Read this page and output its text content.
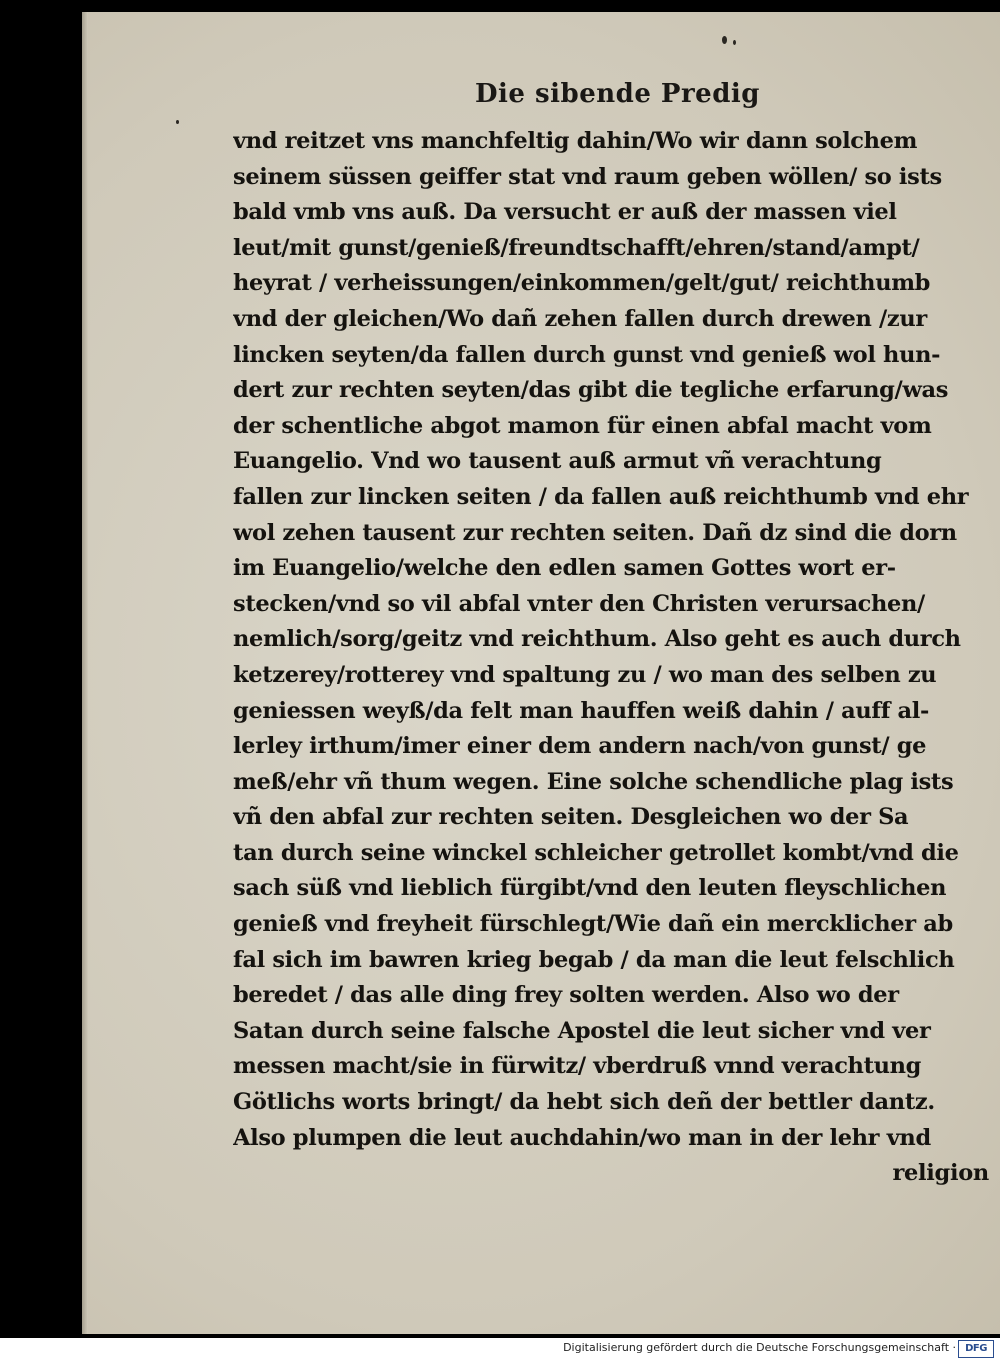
Die sibende Predig
vnd reitzet vns manchfeltig dahin/Wo wir dann solchem
seinem süssen geiffer stat vnd raum geben wöllen/ so ists
bald vmb vns auß. Da versucht er auß der massen viel
leut/mit gunst/genieß/freundtschafft/ehren/stand/ampt/
heyrat / verheissungen/einkommen/gelt/gut/ reichthumb
vnd der gleichen/Wo dañ zehen fallen durch drewen /zur
lincken seyten/da fallen durch gunst vnd genieß wol hun-
dert zur rechten seyten/das gibt die tegliche erfarung/was
der schentliche abgot mamon für einen abfal macht vom
Euangelio. Vnd wo tausent auß armut vñ verachtung
fallen zur lincken seiten / da fallen auß reichthumb vnd ehr
wol zehen tausent zur rechten seiten. Dañ dz sind die dorn
im Euangelio/welche den edlen samen Gottes wort er-
stecken/vnd so vil abfal vnter den Christen verursachen/
nemlich/sorg/geitz vnd reichthum. Also geht es auch durch
ketzerey/rotterey vnd spaltung zu / wo man des selben zu
geniessen weyß/da felt man hauffen weiß dahin / auff al-
lerley irthum/imer einer dem andern nach/von gunst/ ge
meß/ehr vñ thum wegen. Eine solche schendliche plag ists
vñ den abfal zur rechten seiten. Desgleichen wo der Sa
tan durch seine winckel schleicher getrollet kombt/vnd die
sach süß vnd lieblich fürgibt/vnd den leuten fleyschlichen
genieß vnd freyheit fürschlegt/Wie dañ ein mercklicher ab
fal sich im bawren krieg begab / da man die leut felschlich
beredet / das alle ding frey solten werden. Also wo der
Satan durch seine falsche Apostel die leut sicher vnd ver
messen macht/sie in fürwitz/ vberdruß vnnd verachtung
Götlichs worts bringt/ da hebt sich deñ der bettler dantz.
Also plumpen die leut auchdahin/wo man in der lehr vnd
religion
Digitalisierung gefördert durch die Deutsche Forschungsgemeinschaft · DFG
